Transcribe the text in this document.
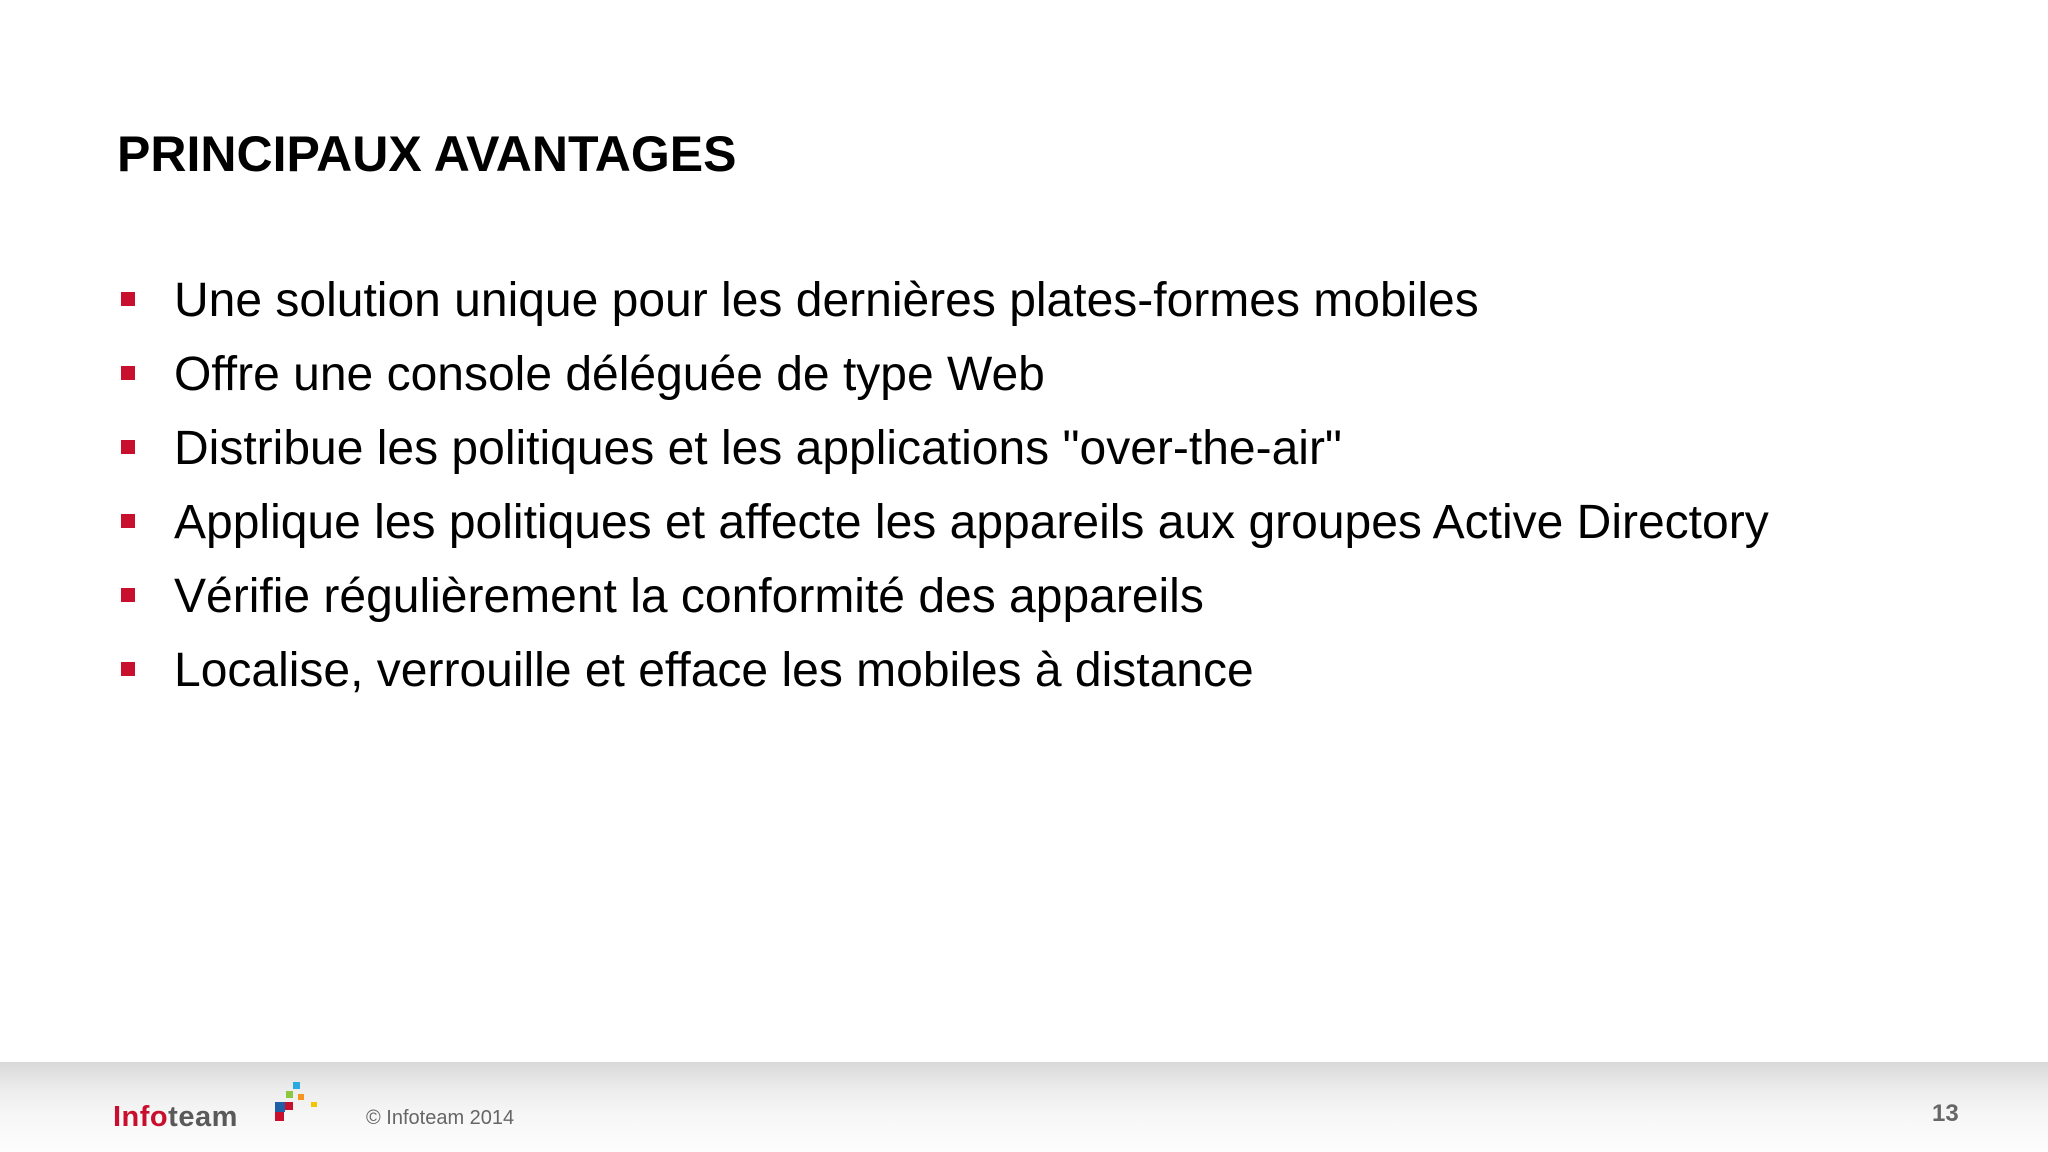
PRINCIPAUX AVANTAGES
Une solution unique pour les dernières plates-formes mobiles
Offre une console déléguée de type Web
Distribue les politiques et les applications "over-the-air"
Applique les politiques et affecte les appareils aux groupes Active Directory
Vérifie régulièrement la conformité des appareils
Localise, verrouille et efface les mobiles à distance
Infoteam	© Infoteam 2014	13
